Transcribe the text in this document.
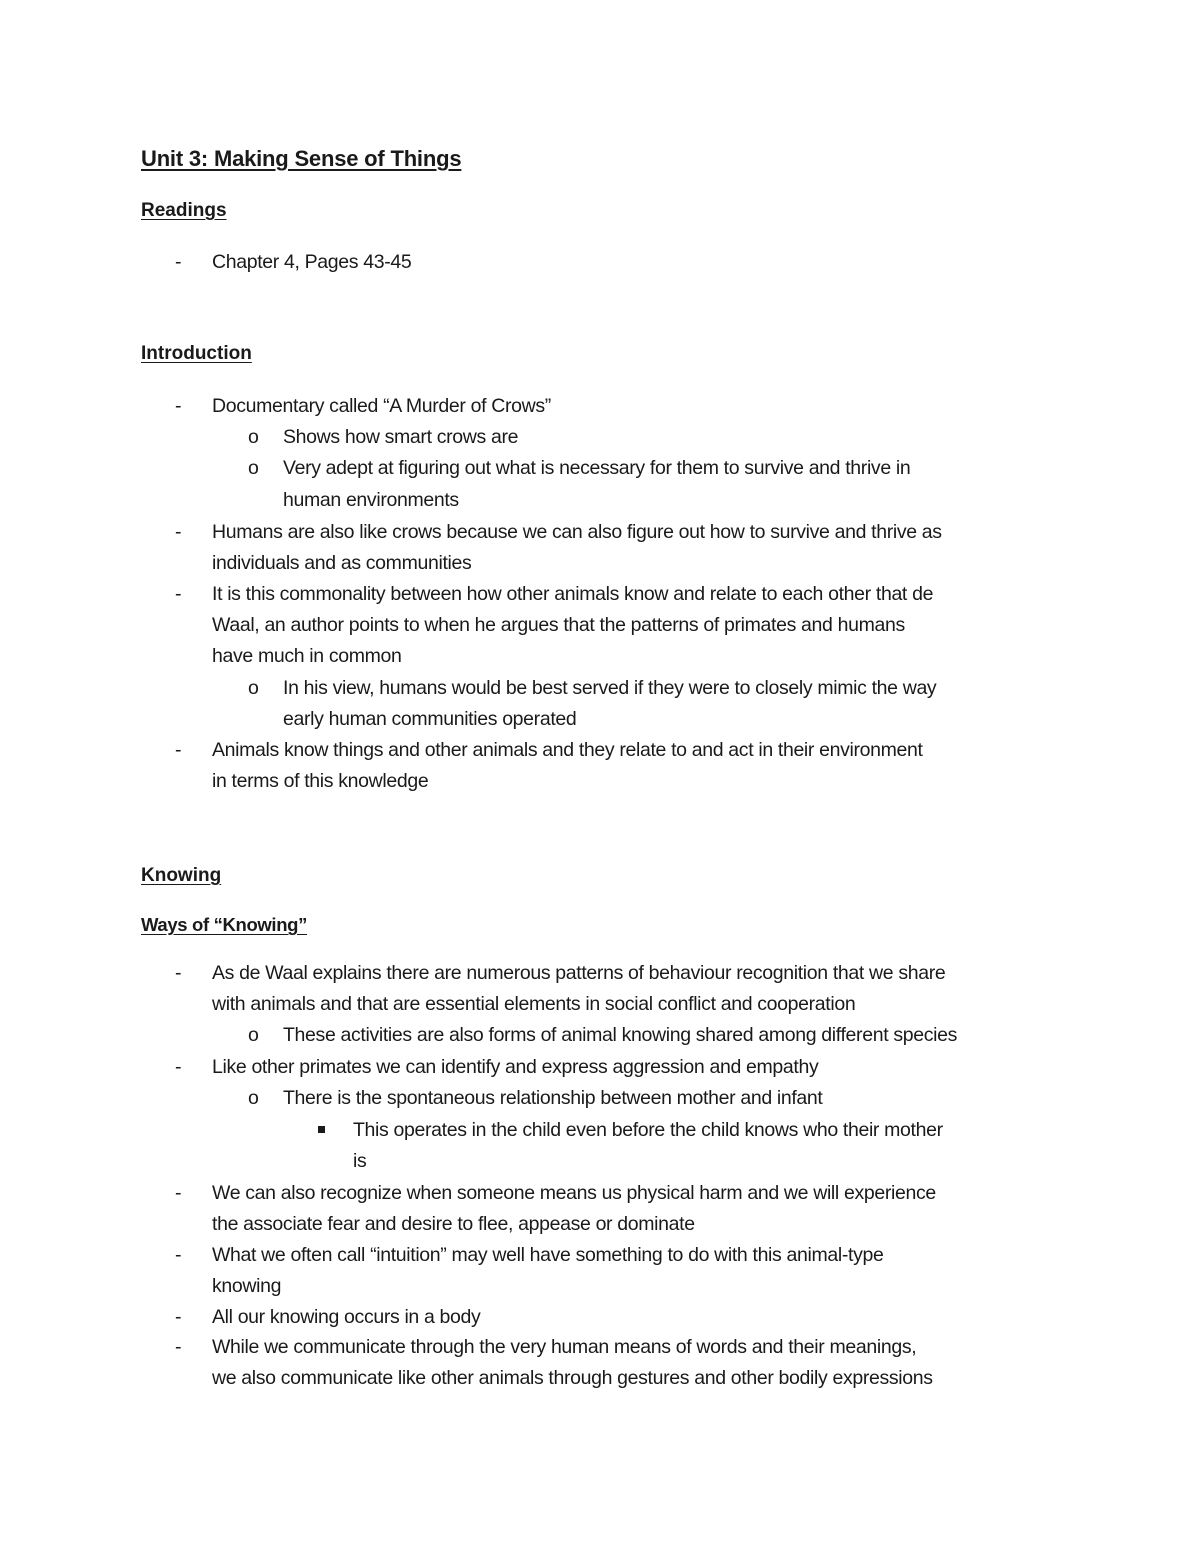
Unit 3: Making Sense of Things
Readings
- Chapter 4, Pages 43-45
Introduction
- Documentary called “A Murder of Crows”
o Shows how smart crows are
o Very adept at figuring out what is necessary for them to survive and thrive in
human environments
- Humans are also like crows because we can also figure out how to survive and thrive as
individuals and as communities
- It is this commonality between how other animals know and relate to each other that de
Waal, an author points to when he argues that the patterns of primates and humans
have much in common
o In his view, humans would be best served if they were to closely mimic the way
early human communities operated
- Animals know things and other animals and they relate to and act in their environment
in terms of this knowledge
Knowing
Ways of “Knowing”
- As de Waal explains there are numerous patterns of behaviour recognition that we share
with animals and that are essential elements in social conflict and cooperation
o These activities are also forms of animal knowing shared among different species
- Like other primates we can identify and express aggression and empathy
o There is the spontaneous relationship between mother and infant
This operates in the child even before the child knows who their mother
is
- We can also recognize when someone means us physical harm and we will experience
the associate fear and desire to flee, appease or dominate
- What we often call “intuition” may well have something to do with this animal-type
knowing
- All our knowing occurs in a body
- While we communicate through the very human means of words and their meanings,
we also communicate like other animals through gestures and other bodily expressions
